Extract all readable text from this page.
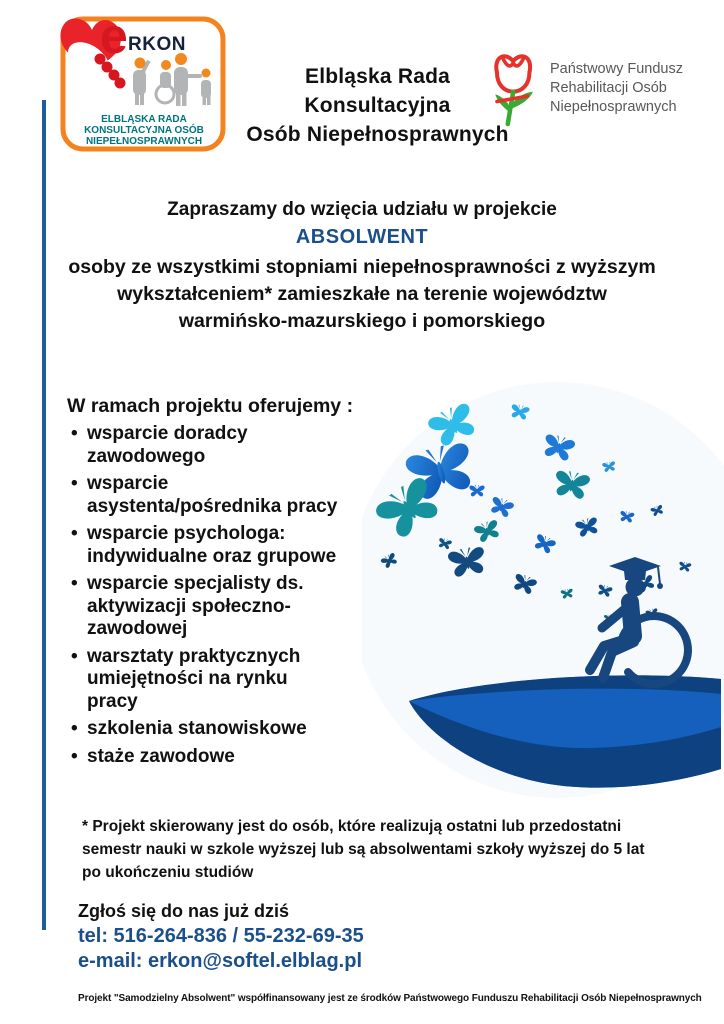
e RKON
ELBLĄSKA RADA
KONSULTACYJNA OSÓB
NIEPEŁNOSPRAWNYCH
Elbląska Rada
Konsultacyjna
Osób Niepełnosprawnych
Państwowy Fundusz
Rehabilitacji Osób
Niepełnosprawnych
Zapraszamy do wzięcia udziału w projekcie
ABSOLWENT
osoby ze wszystkimi stopniami niepełnosprawności z wyższym
wykształceniem* zamieszkałe na terenie województw
warmińsko-mazurskiego i pomorskiego
W ramach projektu oferujemy :
• wsparcie doradcy zawodowego
• wsparcie asystenta/pośrednika pracy
• wsparcie psychologa: indywidualne oraz grupowe
• wsparcie specjalisty ds. aktywizacji społeczno-zawodowej
• warsztaty praktycznych umiejętności na rynku pracy
• szkolenia stanowiskowe
• staże zawodowe
* Projekt skierowany jest do osób, które realizują ostatni lub przedostatni
semestr nauki w szkole wyższej lub są absolwentami szkoły wyższej do 5 lat
po ukończeniu studiów
Zgłoś się do nas już dziś
tel: 516-264-836 / 55-232-69-35
e-mail: erkon@softel.elblag.pl
Projekt "Samodzielny Absolwent" współfinansowany jest ze środków Państwowego Funduszu Rehabilitacji Osób Niepełnosprawnych
